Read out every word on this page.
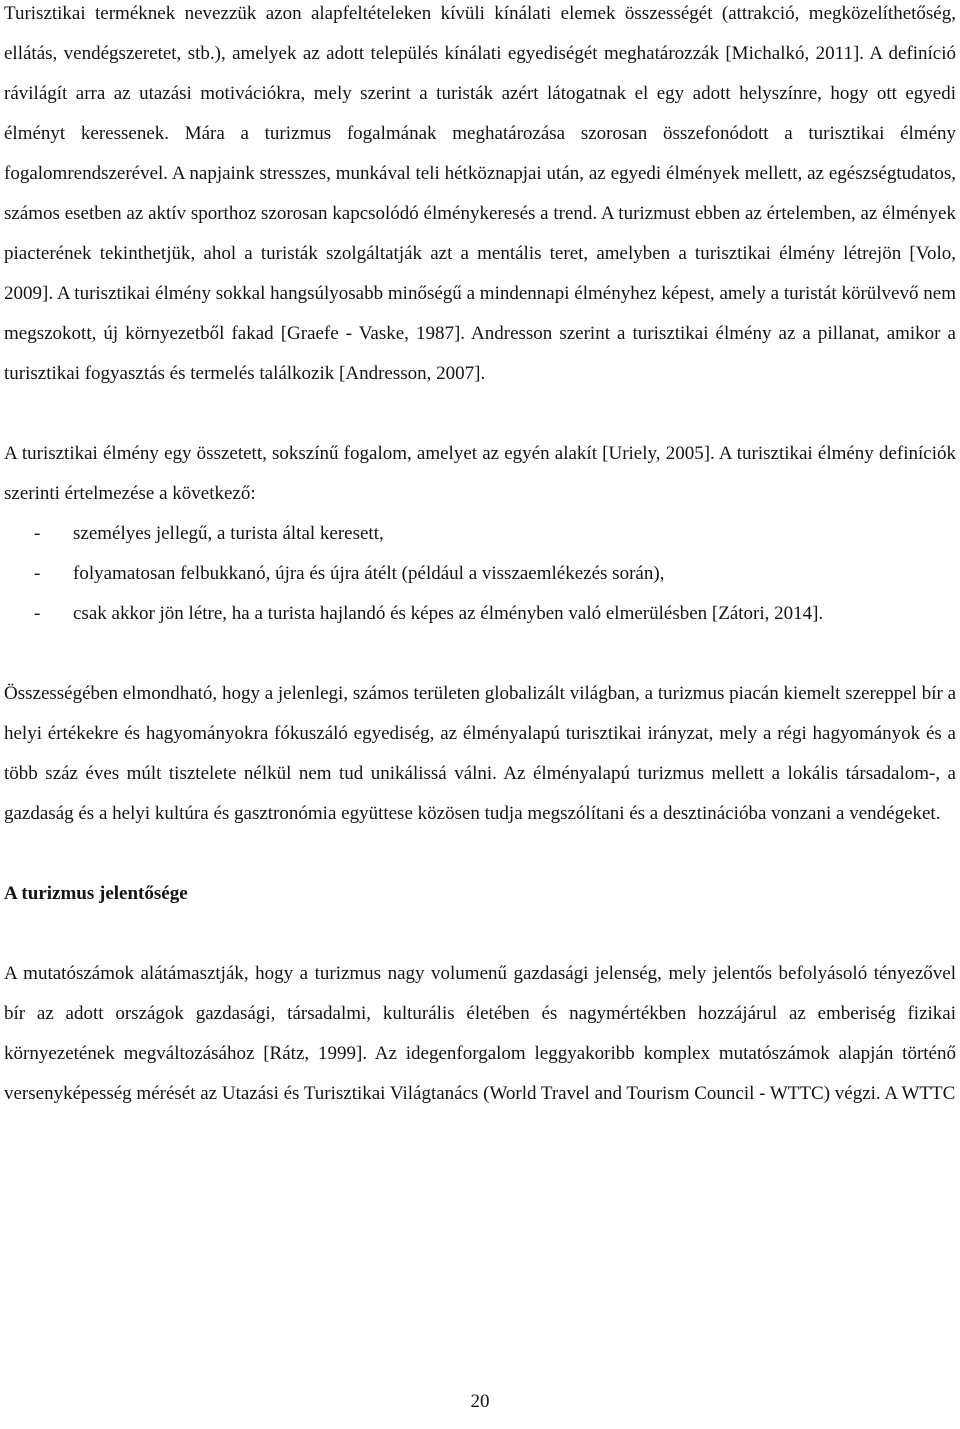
Turisztikai terméknek nevezzük azon alapfeltételeken kívüli kínálati elemek összességét (attrakció, megközelíthetőség, ellátás, vendégszeretet, stb.), amelyek az adott település kínálati egyediségét meghatározzák [Michalkó, 2011]. A definíció rávilágít arra az utazási motivációkra, mely szerint a turisták azért látogatnak el egy adott helyszínre, hogy ott egyedi élményt keressenek. Mára a turizmus fogalmának meghatározása szorosan összefonódott a turisztikai élmény fogalomrendszerével. A napjaink stresszes, munkával teli hétköznapjai után, az egyedi élmények mellett, az egészségtudatos, számos esetben az aktív sporthoz szorosan kapcsolódó élménykeresés a trend. A turizmust ebben az értelemben, az élmények piacterének tekinthetjük, ahol a turisták szolgáltatják azt a mentális teret, amelyben a turisztikai élmény létrejön [Volo, 2009]. A turisztikai élmény sokkal hangsúlyosabb minőségű a mindennapi élményhez képest, amely a turistát körülvevő nem megszokott, új környezetből fakad [Graefe - Vaske, 1987]. Andresson szerint a turisztikai élmény az a pillanat, amikor a turisztikai fogyasztás és termelés találkozik [Andresson, 2007].

A turisztikai élmény egy összetett, sokszínű fogalom, amelyet az egyén alakít [Uriely, 2005]. A turisztikai élmény definíciók szerinti értelmezése a következő:

- személyes jellegű, a turista által keresett,
- folyamatosan felbukkanó, újra és újra átélt (például a visszaemlékezés során),
- csak akkor jön létre, ha a turista hajlandó és képes az élményben való elmerülésben [Zátori, 2014].

Összességében elmondható, hogy a jelenlegi, számos területen globalizált világban, a turizmus piacán kiemelt szereppel bír a helyi értékekre és hagyományokra fókuszáló egyediség, az élményalapú turisztikai irányzat, mely a régi hagyományok és a több száz éves múlt tisztelete nélkül nem tud unikálissá válni. Az élményalapú turizmus mellett a lokális társadalom-, a gazdaság és a helyi kultúra és gasztronómia együttese közösen tudja megszólítani és a desztinációba vonzani a vendégeket.

A turizmus jelentősége

A mutatószámok alátámasztják, hogy a turizmus nagy volumenű gazdasági jelenség, mely jelentős befolyásoló tényezővel bír az adott országok gazdasági, társadalmi, kulturális életében és nagymértékben hozzájárul az emberiség fizikai környezetének megváltozásához [Rátz, 1999]. Az idegenforgalom leggyakoribb komplex mutatószámok alapján történő versenyképesség mérését az Utazási és Turisztikai Világtanács (World Travel and Tourism Council - WTTC) végzi. A WTTC

20
